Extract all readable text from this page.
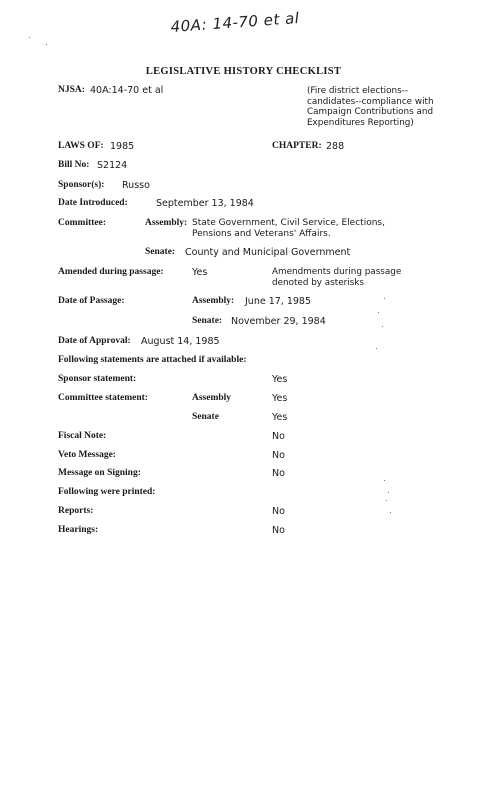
40A: 14-70 et al
LEGISLATIVE HISTORY CHECKLIST
NJSA: 40A:14-70 et al	(Fire district elections-- candidates--compliance with Campaign Contributions and Expenditures Reporting)
LAWS OF: 1985	CHAPTER: 288
Bill No: S2124
Sponsor(s): Russo
Date Introduced:	September 13, 1984
Committee:	Assembly: State Government, Civil Service, Elections, Pensions and Veterans' Affairs.
Senate: County and Municipal Government
Amended during passage:	Yes	Amendments during passage denoted by asterisks
Date of Passage:	Assembly: June 17, 1985
Senate: November 29, 1984
Date of Approval: August 14, 1985
Following statements are attached if available:
Sponsor statement:	Yes
Committee statement:	Assembly	Yes
Senate	Yes
Fiscal Note:	No
Veto Message:	No
Message on Signing:	No
Following were printed:
Reports:	No
Hearings:	No
